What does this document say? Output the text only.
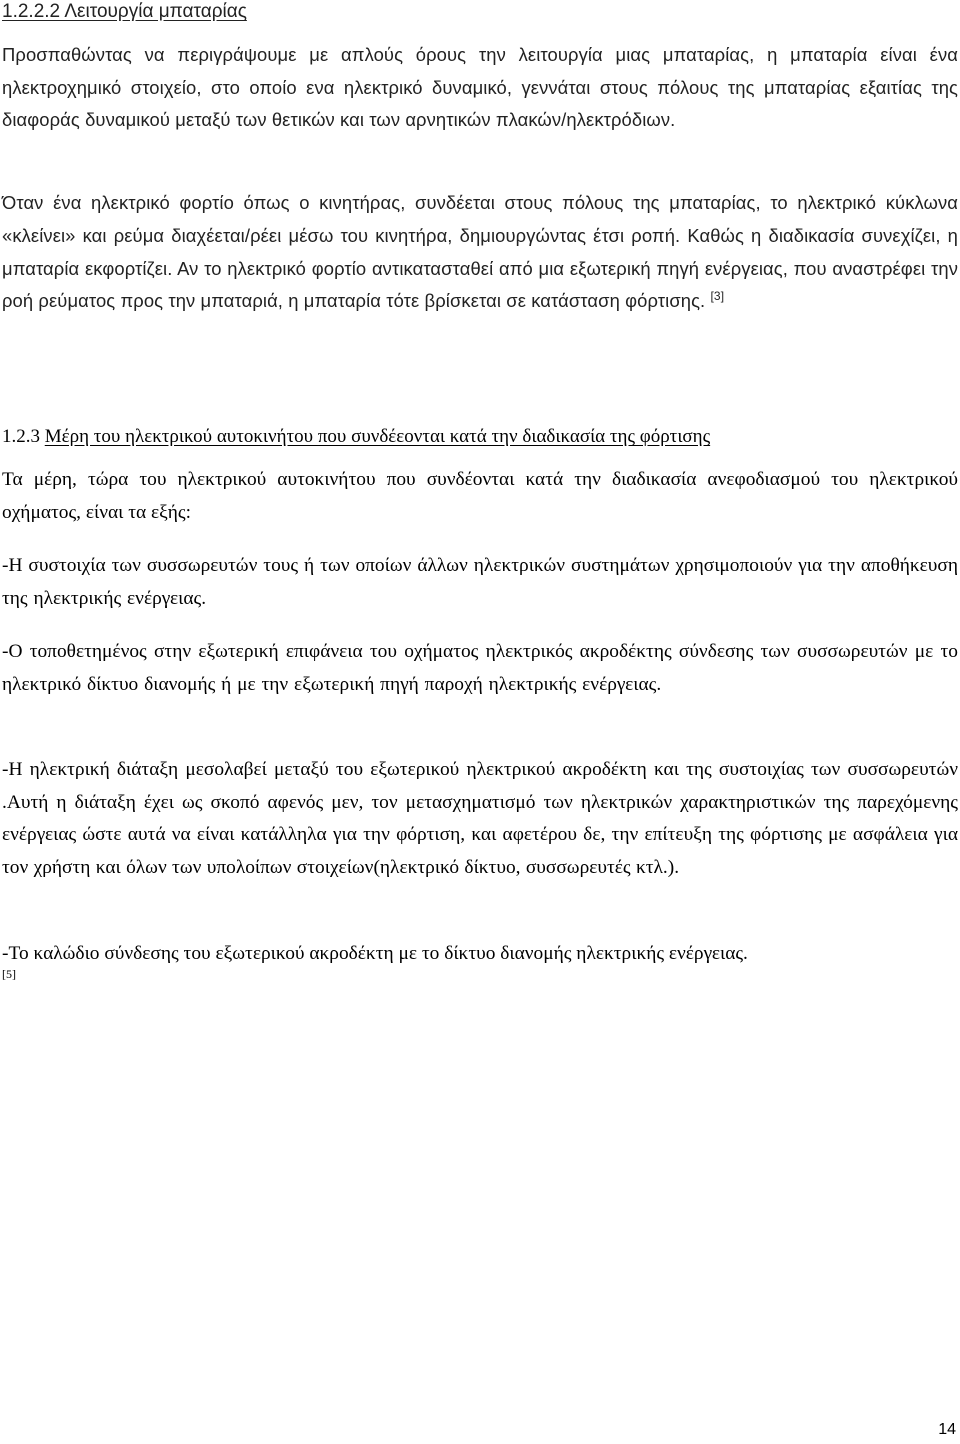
1.2.2.2 Λειτουργία μπαταρίας
Προσπαθώντας να περιγράψουμε με απλούς όρους την λειτουργία μιας μπαταρίας, η μπαταρία είναι ένα ηλεκτροχημικό στοιχείο, στο οποίο ενα ηλεκτρικό δυναμικό, γεννάται στους πόλους της μπαταρίας εξαιτίας της διαφοράς δυναμικού μεταξύ των θετικών και των αρνητικών πλακών/ηλεκτρόδιων.
Όταν ένα ηλεκτρικό φορτίο όπως ο κινητήρας, συνδέεται στους πόλους της μπαταρίας, το ηλεκτρικό κύκλωνα «κλείνει» και ρεύμα διαχέεται/ρέει μέσω του κινητήρα, δημιουργώντας έτσι ροπή. Καθώς η διαδικασία συνεχίζει, η μπαταρία εκφορτίζει. Αν το ηλεκτρικό φορτίο αντικατασταθεί από μια εξωτερική πηγή ενέργειας, που αναστρέφει την ροή ρεύματος προς την μπαταριά, η μπαταρία τότε βρίσκεται σε κατάσταση φόρτισης. [3]
1.2.3 Μέρη του ηλεκτρικού αυτοκινήτου που συνδέεονται κατά την διαδικασία της φόρτισης
Τα μέρη, τώρα του ηλεκτρικού αυτοκινήτου που συνδέονται κατά την διαδικασία ανεφοδιασμού του ηλεκτρικού οχήματος, είναι τα εξής:
-Η συστοιχία των συσσωρευτών τους ή των οποίων άλλων ηλεκτρικών συστημάτων χρησιμοποιούν για την αποθήκευση της ηλεκτρικής ενέργειας.
-Ο τοποθετημένος στην εξωτερική επιφάνεια του οχήματος ηλεκτρικός ακροδέκτης σύνδεσης των συσσωρευτών με το ηλεκτρικό δίκτυο διανομής ή με την εξωτερική πηγή παροχή ηλεκτρικής ενέργειας.
-Η ηλεκτρική διάταξη μεσολαβεί μεταξύ του εξωτερικού ηλεκτρικού ακροδέκτη και της συστοιχίας των συσσωρευτών .Αυτή η διάταξη έχει ως σκοπό αφενός μεν, τον μετασχηματισμό των ηλεκτρικών χαρακτηριστικών της παρεχόμενης ενέργειας ώστε αυτά να είναι κατάλληλα για την φόρτιση, και αφετέρου δε, την επίτευξη της φόρτισης με ασφάλεια για τον χρήστη και όλων των υπολοίπων στοιχείων(ηλεκτρικό δίκτυο, συσσωρευτές κτλ.).
-Το καλώδιο σύνδεσης του εξωτερικού ακροδέκτη με το δίκτυο διανομής ηλεκτρικής ενέργειας.
[5]
14
